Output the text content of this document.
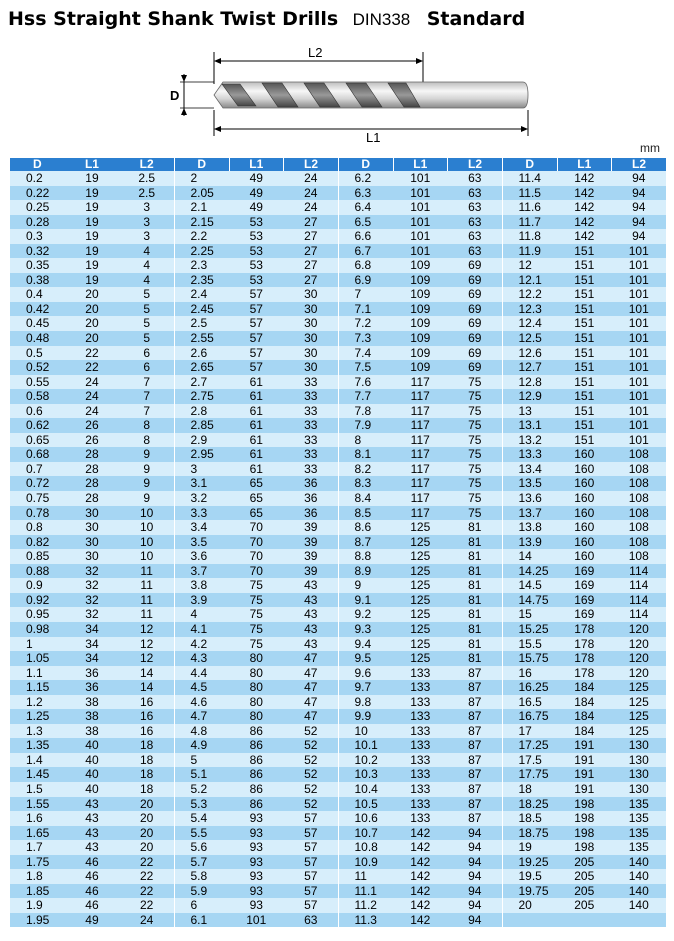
Hss Straight Shank Twist Drills DIN338 Standard
D
L2
L1
mm
D	L1	L2
0.2	19	2.5
0.22	19	2.5
0.25	19	3
0.28	19	3
0.3	19	3
0.32	19	4
0.35	19	4
0.38	19	4
0.4	20	5
0.42	20	5
0.45	20	5
0.48	20	5
0.5	22	6
0.52	22	6
0.55	24	7
0.58	24	7
0.6	24	7
0.62	26	8
0.65	26	8
0.68	28	9
0.7	28	9
0.72	28	9
0.75	28	9
0.78	30	10
0.8	30	10
0.82	30	10
0.85	30	10
0.88	32	11
0.9	32	11
0.92	32	11
0.95	32	11
0.98	34	12
1	34	12
1.05	34	12
1.1	36	14
1.15	36	14
1.2	38	16
1.25	38	16
1.3	38	16
1.35	40	18
1.4	40	18
1.45	40	18
1.5	40	18
1.55	43	20
1.6	43	20
1.65	43	20
1.7	43	20
1.75	46	22
1.8	46	22
1.85	46	22
1.9	46	22
1.95	49	24
D	L1	L2
2	49	24
2.05	49	24
2.1	49	24
2.15	53	27
2.2	53	27
2.25	53	27
2.3	53	27
2.35	53	27
2.4	57	30
2.45	57	30
2.5	57	30
2.55	57	30
2.6	57	30
2.65	57	30
2.7	61	33
2.75	61	33
2.8	61	33
2.85	61	33
2.9	61	33
2.95	61	33
3	61	33
3.1	65	36
3.2	65	36
3.3	65	36
3.4	70	39
3.5	70	39
3.6	70	39
3.7	70	39
3.8	75	43
3.9	75	43
4	75	43
4.1	75	43
4.2	75	43
4.3	80	47
4.4	80	47
4.5	80	47
4.6	80	47
4.7	80	47
4.8	86	52
4.9	86	52
5	86	52
5.1	86	52
5.2	86	52
5.3	86	52
5.4	93	57
5.5	93	57
5.6	93	57
5.7	93	57
5.8	93	57
5.9	93	57
6	93	57
6.1	101	63
D	L1	L2
6.2	101	63
6.3	101	63
6.4	101	63
6.5	101	63
6.6	101	63
6.7	101	63
6.8	109	69
6.9	109	69
7	109	69
7.1	109	69
7.2	109	69
7.3	109	69
7.4	109	69
7.5	109	69
7.6	117	75
7.7	117	75
7.8	117	75
7.9	117	75
8	117	75
8.1	117	75
8.2	117	75
8.3	117	75
8.4	117	75
8.5	117	75
8.6	125	81
8.7	125	81
8.8	125	81
8.9	125	81
9	125	81
9.1	125	81
9.2	125	81
9.3	125	81
9.4	125	81
9.5	125	81
9.6	133	87
9.7	133	87
9.8	133	87
9.9	133	87
10	133	87
10.1	133	87
10.2	133	87
10.3	133	87
10.4	133	87
10.5	133	87
10.6	133	87
10.7	142	94
10.8	142	94
10.9	142	94
11	142	94
11.1	142	94
11.2	142	94
11.3	142	94
D	L1	L2
11.4	142	94
11.5	142	94
11.6	142	94
11.7	142	94
11.8	142	94
11.9	151	101
12	151	101
12.1	151	101
12.2	151	101
12.3	151	101
12.4	151	101
12.5	151	101
12.6	151	101
12.7	151	101
12.8	151	101
12.9	151	101
13	151	101
13.1	151	101
13.2	151	101
13.3	160	108
13.4	160	108
13.5	160	108
13.6	160	108
13.7	160	108
13.8	160	108
13.9	160	108
14	160	108
14.25	169	114
14.5	169	114
14.75	169	114
15	169	114
15.25	178	120
15.5	178	120
15.75	178	120
16	178	120
16.25	184	125
16.5	184	125
16.75	184	125
17	184	125
17.25	191	130
17.5	191	130
17.75	191	130
18	191	130
18.25	198	135
18.5	198	135
18.75	198	135
19	198	135
19.25	205	140
19.5	205	140
19.75	205	140
20	205	140
